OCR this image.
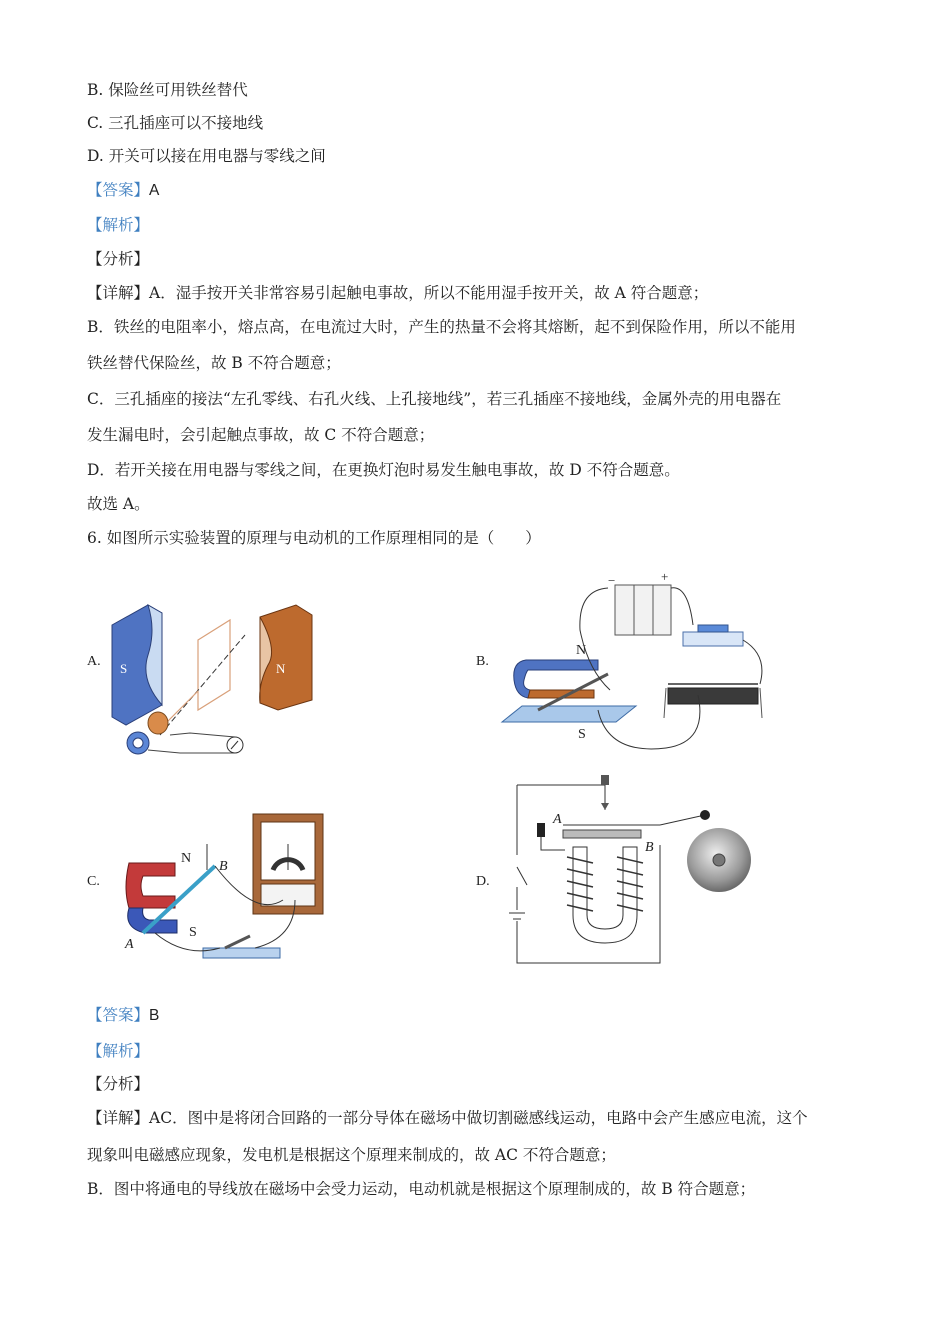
B. 保险丝可用铁丝替代
C. 三孔插座可以不接地线
D. 开关可以接在用电器与零线之间
【答案】A
【解析】
【分析】
【详解】A．湿手按开关非常容易引起触电事故，所以不能用湿手按开关，故 A 符合题意；
B．铁丝的电阻率小，熔点高，在电流过大时，产生的热量不会将其熔断，起不到保险作用，所以不能用
铁丝替代保险丝，故 B 不符合题意；
C．三孔插座的接法“左孔零线、右孔火线、上孔接地线”，若三孔插座不接地线，金属外壳的用电器在
发生漏电时，会引起触点事故，故 C 不符合题意；
D．若开关接在用电器与零线之间，在更换灯泡时易发生触电事故，故 D 不符合题意。
故选 A。
6. 如图所示实验装置的原理与电动机的工作原理相同的是（　　）
A.	B.
C.	D.
S	N
−	+
N
S
N
S
B
A
A
B
【答案】B
【解析】
【分析】
【详解】AC．图中是将闭合回路的一部分导体在磁场中做切割磁感线运动，电路中会产生感应电流，这个
现象叫电磁感应现象，发电机是根据这个原理来制成的，故 AC 不符合题意；
B．图中将通电的导线放在磁场中会受力运动，电动机就是根据这个原理制成的，故 B 符合题意；
